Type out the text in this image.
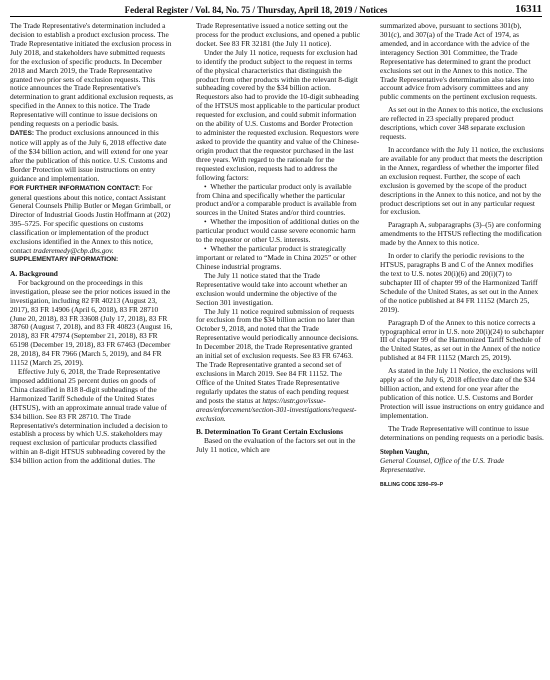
Federal Register / Vol. 84, No. 75 / Thursday, April 18, 2019 / Notices	16311

The Trade Representative's determination included a decision to establish a product exclusion process. The Trade Representative initiated the exclusion process in July 2018, and stakeholders have submitted requests for the exclusion of specific products. In December 2018 and March 2019, the Trade Representative granted two prior sets of exclusion requests. This notice announces the Trade Representative's determination to grant additional exclusion requests, as specified in the Annex to this notice. The Trade Representative will continue to issue decisions on pending requests on a periodic basis.

DATES: The product exclusions announced in this notice will apply as of the July 6, 2018 effective date of the $34 billion action, and will extend for one year after the publication of this notice. U.S. Customs and Border Protection will issue instructions on entry guidance and implementation.

FOR FURTHER INFORMATION CONTACT: For general questions about this notice, contact Assistant General Counsels Philip Butler or Megan Grimball, or Director of Industrial Goods Justin Hoffmann at (202) 395–5725. For specific questions on customs classification or implementation of the product exclusions identified in the Annex to this notice, contact traderemedy@cbp.dhs.gov.

SUPPLEMENTARY INFORMATION:

A. Background

For background on the proceedings in this investigation, please see the prior notices issued in the investigation, including 82 FR 40213 (August 23, 2017), 83 FR 14906 (April 6, 2018), 83 FR 28710 (June 20, 2018), 83 FR 33608 (July 17, 2018), 83 FR 38760 (August 7, 2018), and 83 FR 40823 (August 16, 2018), 83 FR 47974 (September 21, 2018), 83 FR 65198 (December 19, 2018), 83 FR 67463 (December 28, 2018), 84 FR 7966 (March 5, 2019), and 84 FR 11152 (March 25, 2019).

Effective July 6, 2018, the Trade Representative imposed additional 25 percent duties on goods of China classified in 818 8-digit subheadings of the Harmonized Tariff Schedule of the United States (HTSUS), with an approximate annual trade value of $34 billion. See 83 FR 28710. The Trade Representative's determination included a decision to establish a process by which U.S. stakeholders may request exclusion of particular products classified within an 8-digit HTSUS subheading covered by the $34 billion action from the additional duties. The

Trade Representative issued a notice setting out the process for the product exclusions, and opened a public docket. See 83 FR 32181 (the July 11 notice).

Under the July 11 notice, requests for exclusion had to identify the product subject to the request in terms of the physical characteristics that distinguish the product from other products within the relevant 8-digit subheading covered by the $34 billion action. Requestors also had to provide the 10-digit subheading of the HTSUS most applicable to the particular product requested for exclusion, and could submit information on the ability of U.S. Customs and Border Protection to administer the requested exclusion. Requestors were asked to provide the quantity and value of the Chinese-origin product that the requestor purchased in the last three years. With regard to the rationale for the requested exclusion, requests had to address the following factors:

•  Whether the particular product only is available from China and specifically whether the particular product and/or a comparable product is available from sources in the United States and/or third countries.

•  Whether the imposition of additional duties on the particular product would cause severe economic harm to the requestor or other U.S. interests.

•  Whether the particular product is strategically important or related to “Made in China 2025” or other Chinese industrial programs.

The July 11 notice stated that the Trade Representative would take into account whether an exclusion would undermine the objective of the Section 301 investigation.

The July 11 notice required submission of requests for exclusion from the $34 billion action no later than October 9, 2018, and noted that the Trade Representative would periodically announce decisions. In December 2018, the Trade Representative granted an initial set of exclusion requests. See 83 FR 67463. The Trade Representative granted a second set of exclusions in March 2019. See 84 FR 11152. The Office of the United States Trade Representative regularly updates the status of each pending request and posts the status at https://ustr.gov/issue-areas/enforcement/section-301-investigations/request-exclusion.

B. Determination To Grant Certain Exclusions

Based on the evaluation of the factors set out in the July 11 notice, which are

summarized above, pursuant to sections 301(b), 301(c), and 307(a) of the Trade Act of 1974, as amended, and in accordance with the advice of the interagency Section 301 Committee, the Trade Representative has determined to grant the product exclusions set out in the Annex to this notice. The Trade Representative's determination also takes into account advice from advisory committees and any public comments on the pertinent exclusion requests.

As set out in the Annex to this notice, the exclusions are reflected in 23 specially prepared product descriptions, which cover 348 separate exclusion requests.

In accordance with the July 11 notice, the exclusions are available for any product that meets the description in the Annex, regardless of whether the importer filed an exclusion request. Further, the scope of each exclusion is governed by the scope of the product descriptions in the Annex to this notice, and not by the product descriptions set out in any particular request for exclusion.

Paragraph A, subparagraphs (3)–(5) are conforming amendments to the HTSUS reflecting the modification made by the Annex to this notice.

In order to clarify the periodic revisions to the HTSUS, paragraphs B and C of the Annex modifies the text to U.S. notes 20(i)(6) and 20(i)(7) to subchapter III of chapter 99 of the Harmonized Tariff Schedule of the United States, as set out in the Annex of the notice published at 84 FR 11152 (March 25, 2019).

Paragraph D of the Annex to this notice corrects a typographical error in U.S. note 20(i)(24) to subchapter III of chapter 99 of the Harmonized Tariff Schedule of the United States, as set out in the Annex of the notice published at 84 FR 11152 (March 25, 2019).

As stated in the July 11 Notice, the exclusions will apply as of the July 6, 2018 effective date of the $34 billion action, and extend for one year after the publication of this notice. U.S. Customs and Border Protection will issue instructions on entry guidance and implementation.

The Trade Representative will continue to issue determinations on pending requests on a periodic basis.

Stephen Vaughn,

General Counsel, Office of the U.S. Trade Representative.

BILLING CODE 3290–F9–P
